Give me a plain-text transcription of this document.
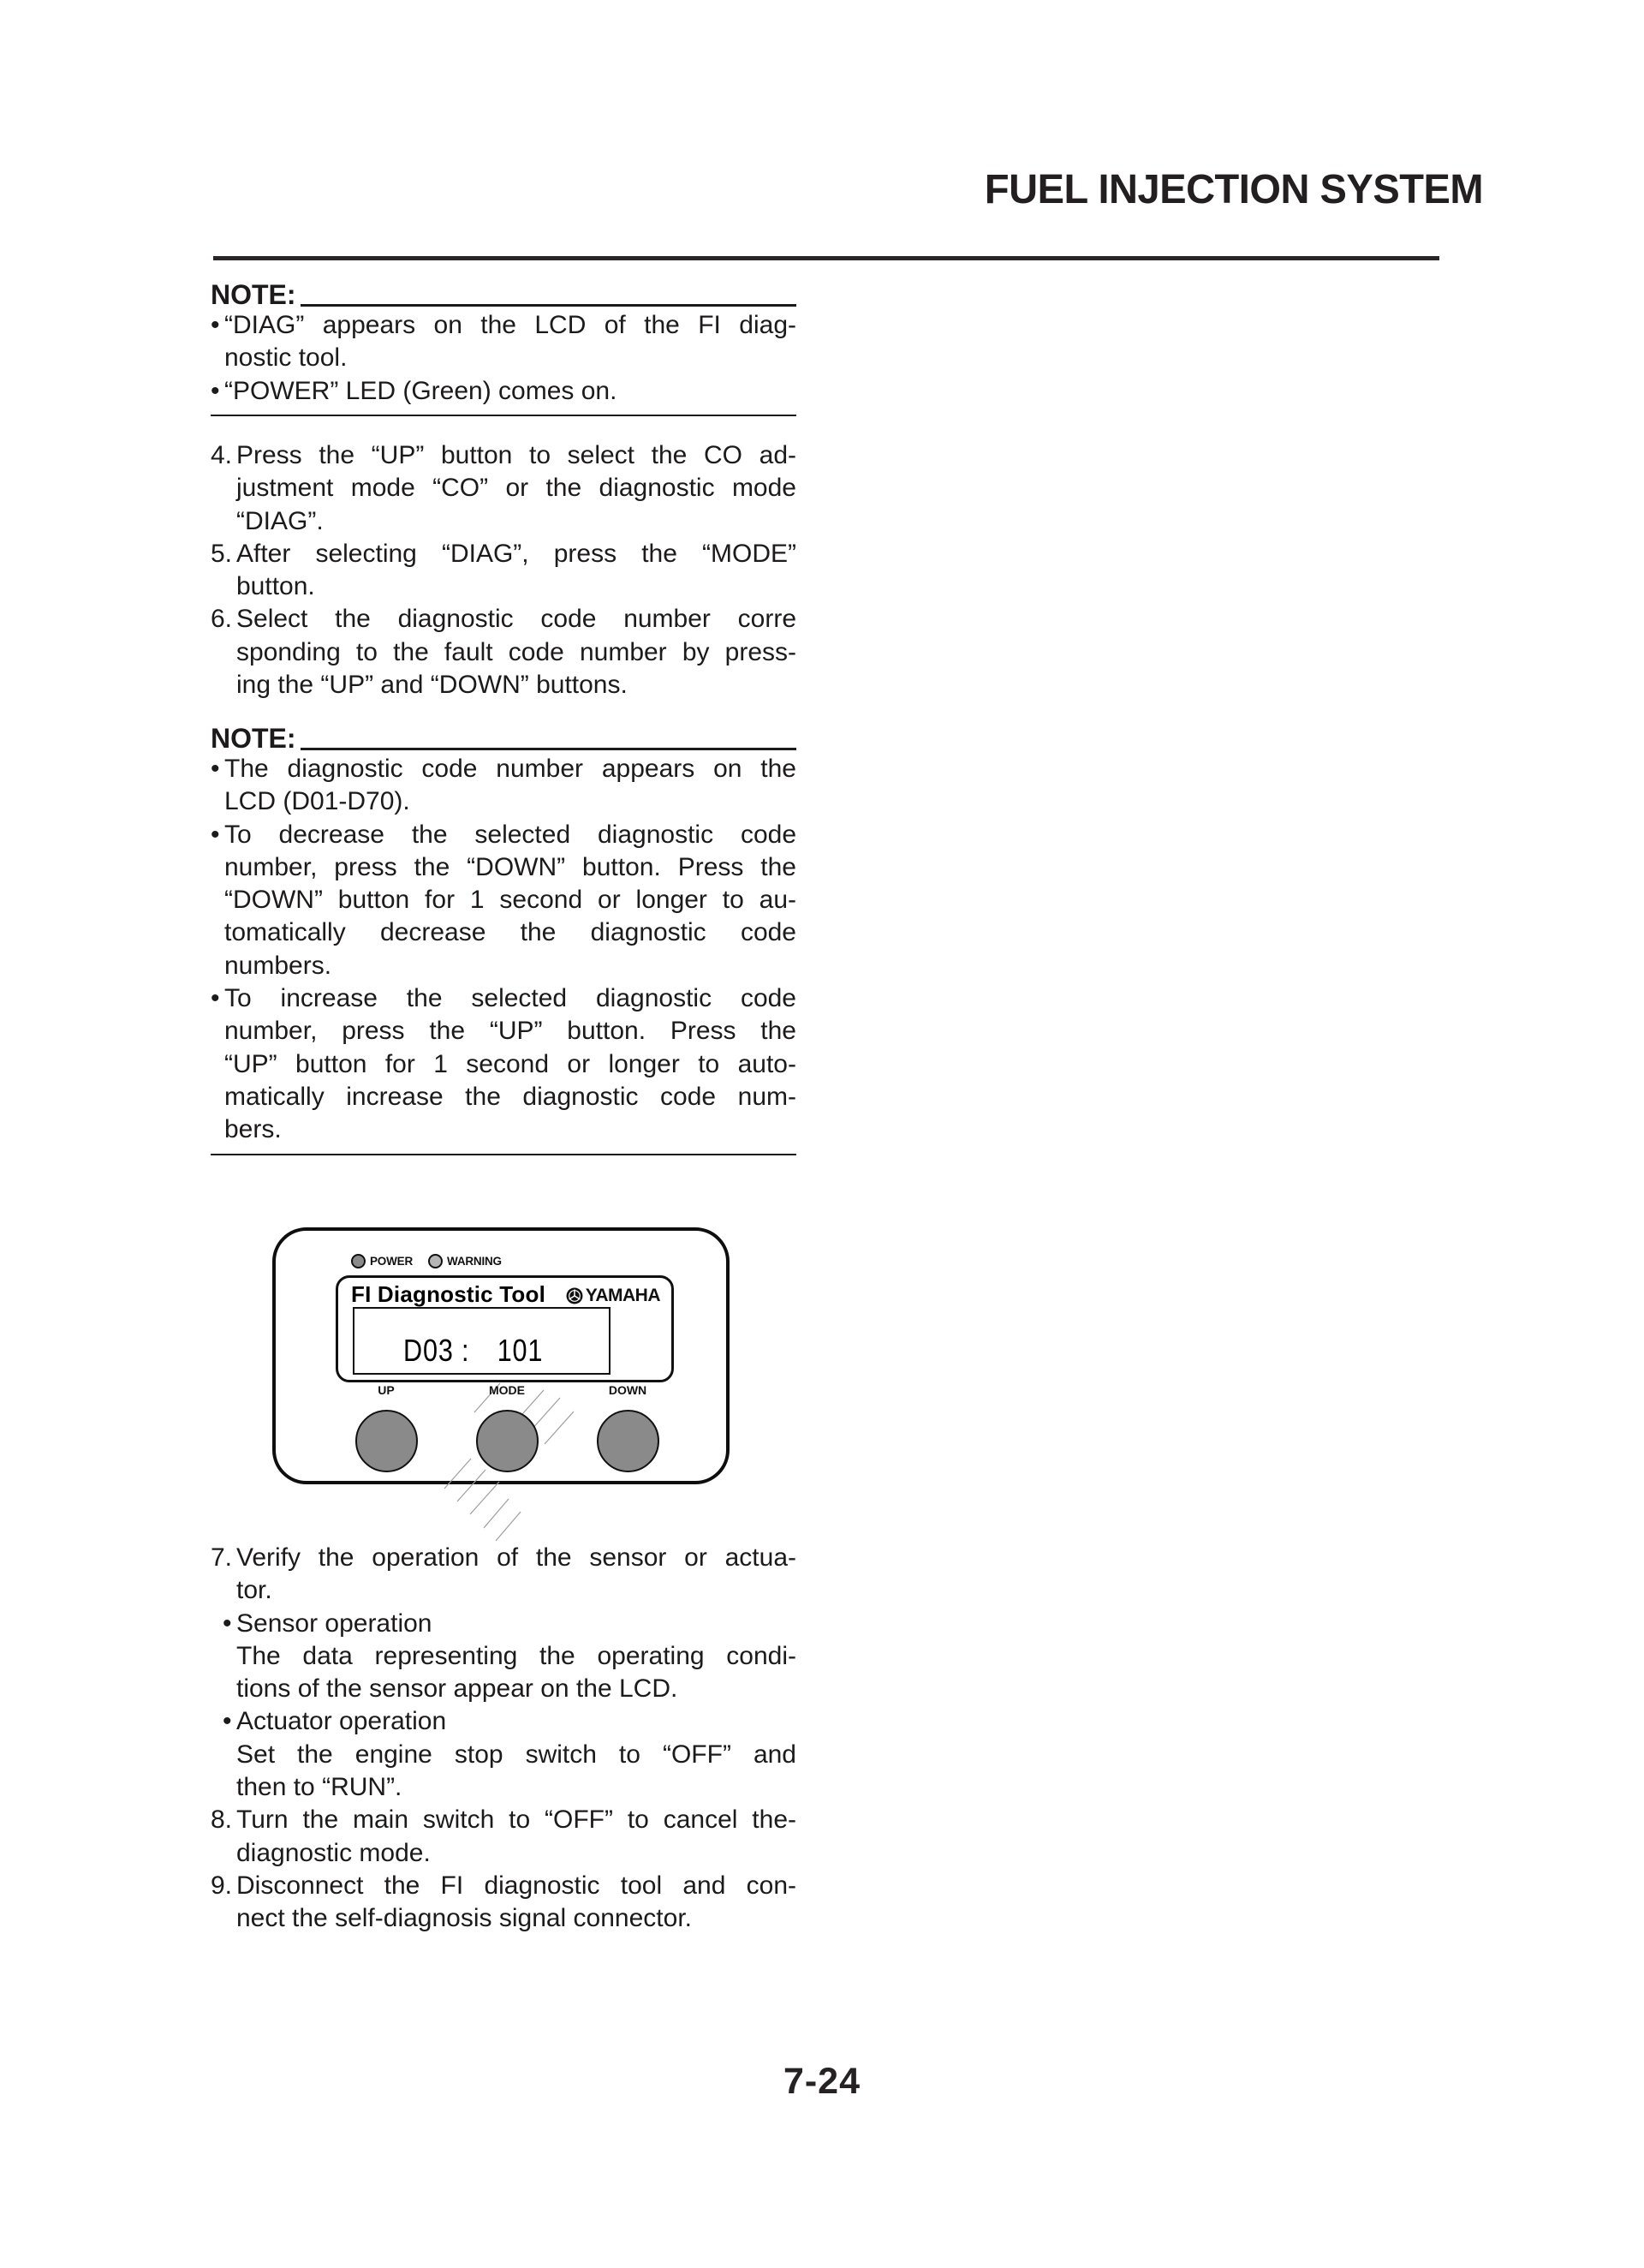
FUEL INJECTION SYSTEM
NOTE:
• “DIAG” appears on the LCD of the FI diag-
nostic tool.
• “POWER” LED (Green) comes on.
4. Press the “UP” button to select the CO ad-
justment mode “CO” or the diagnostic mode
“DIAG”.
5. After selecting “DIAG”, press the “MODE”
button.
6. Select the diagnostic code number corre
sponding to the fault code number by press-
ing the “UP” and “DOWN” buttons.
NOTE:
• The diagnostic code number appears on the
LCD (D01-D70).
• To decrease the selected diagnostic code
number, press the “DOWN” button. Press the
“DOWN” button for 1 second or longer to au-
tomatically decrease the diagnostic code
numbers.
• To increase the selected diagnostic code
number, press the “UP” button. Press the
“UP” button for 1 second or longer to auto-
matically increase the diagnostic code num-
bers.
POWER	WARNING
FI Diagnostic Tool YAMAHA
D03 : 101
UP	MODE	DOWN
7. Verify the operation of the sensor or actua-
tor.
• Sensor operation
The data representing the operating condi-
tions of the sensor appear on the LCD.
• Actuator operation
Set the engine stop switch to “OFF” and
then to “RUN”.
8. Turn the main switch to “OFF” to cancel the-
diagnostic mode.
9. Disconnect the FI diagnostic tool and con-
nect the self-diagnosis signal connector.
7-24
